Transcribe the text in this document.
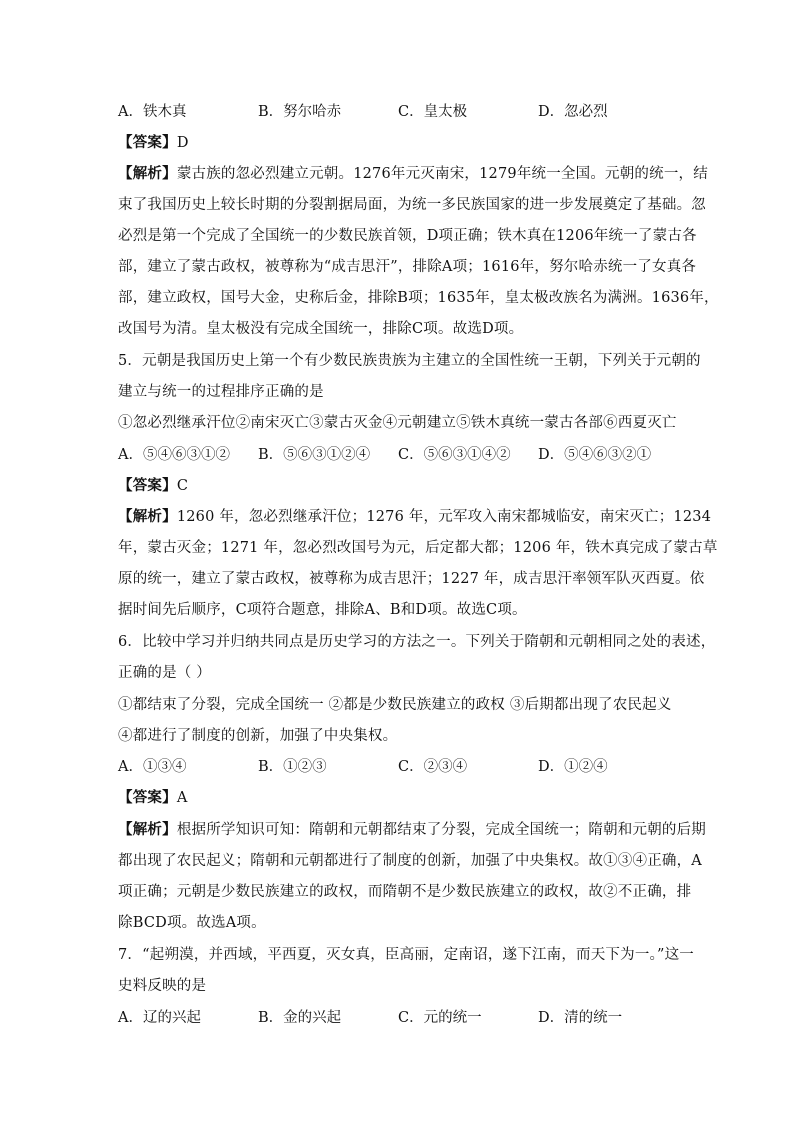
A．铁木真	B．努尔哈赤	C．皇太极	D．忽必烈
【答案】D
【解析】蒙古族的忽必烈建立元朝。1276年元灭南宋，1279年统一全国。元朝的统一，结
束了我国历史上较长时期的分裂割据局面，为统一多民族国家的进一步发展奠定了基础。忽
必烈是第一个完成了全国统一的少数民族首领，D项正确；铁木真在1206年统一了蒙古各
部，建立了蒙古政权，被尊称为“成吉思汗”，排除A项；1616年，努尔哈赤统一了女真各
部，建立政权，国号大金，史称后金，排除B项；1635年，皇太极改族名为满洲。1636年，
改国号为清。皇太极没有完成全国统一，排除C项。故选D项。
5．元朝是我国历史上第一个有少数民族贵族为主建立的全国性统一王朝，下列关于元朝的
建立与统一的过程排序正确的是
①忽必烈继承汗位②南宋灭亡③蒙古灭金④元朝建立⑤铁木真统一蒙古各部⑥西夏灭亡
A．⑤④⑥③①② B．⑤⑥③①②④ C．⑤⑥③①④② D．⑤④⑥③②①
【答案】C
【解析】1260 年，忽必烈继承汗位；1276 年，元军攻入南宋都城临安，南宋灭亡；1234
年，蒙古灭金；1271 年，忽必烈改国号为元，后定都大都；1206 年，铁木真完成了蒙古草
原的统一，建立了蒙古政权，被尊称为成吉思汗；1227 年，成吉思汗率领军队灭西夏。依
据时间先后顺序，C项符合题意，排除A、B和D项。故选C项。
6．比较中学习并归纳共同点是历史学习的方法之一。下列关于隋朝和元朝相同之处的表述，
正确的是（ ）
①都结束了分裂，完成全国统一 ②都是少数民族建立的政权 ③后期都出现了农民起义
④都进行了制度的创新，加强了中央集权。
A．①③④	B．①②③	C．②③④	D．①②④
【答案】A
【解析】根据所学知识可知：隋朝和元朝都结束了分裂，完成全国统一；隋朝和元朝的后期
都出现了农民起义；隋朝和元朝都进行了制度的创新，加强了中央集权。故①③④正确，A
项正确；元朝是少数民族建立的政权，而隋朝不是少数民族建立的政权，故②不正确，排
除BCD项。故选A项。
7．“起朔漠，并西域，平西夏，灭女真，臣高丽，定南诏，遂下江南，而天下为一。”这一
史料反映的是
A．辽的兴起	B．金的兴起	C．元的统一	D．清的统一
